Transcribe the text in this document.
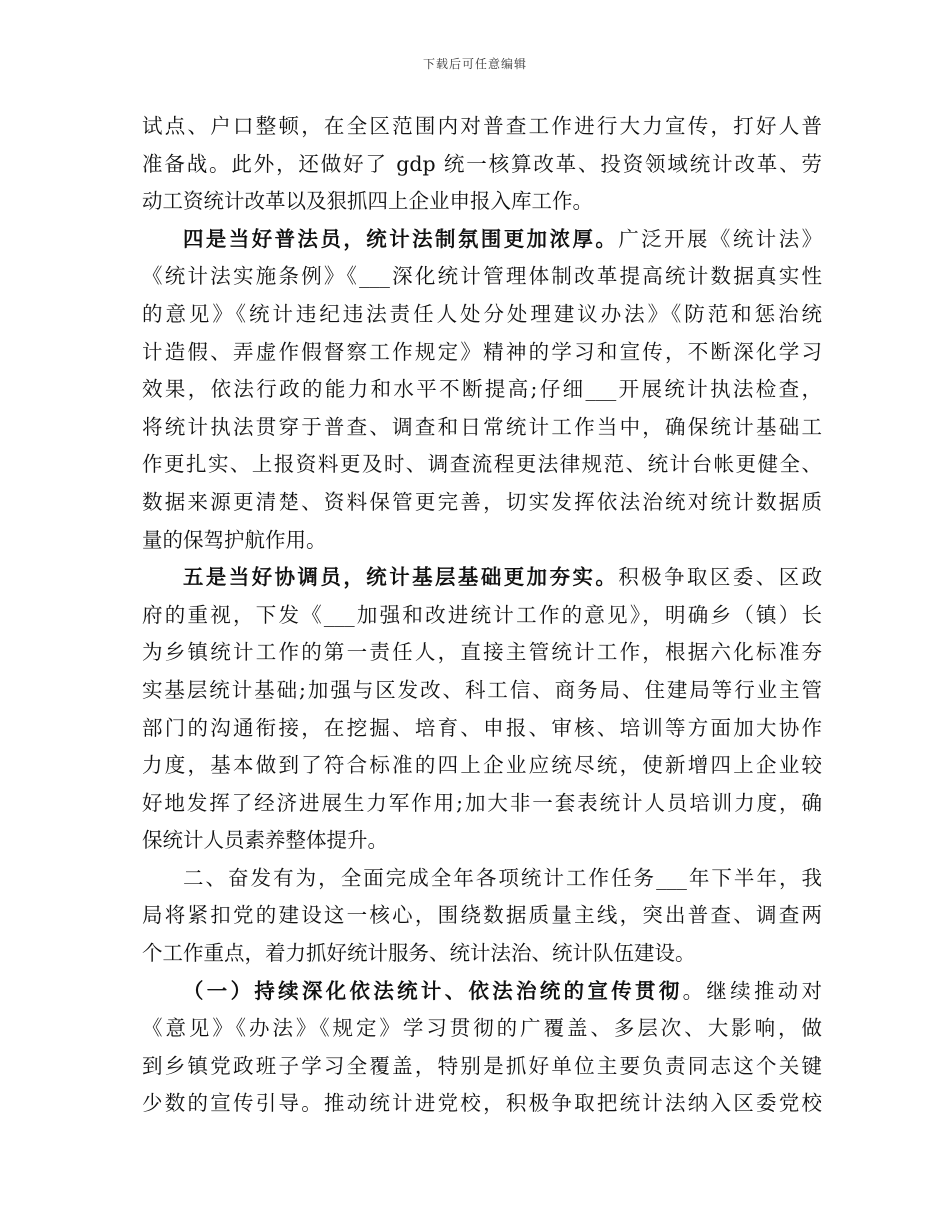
下载后可任意编辑
试点、户口整顿，在全区范围内对普查工作进行大力宣传，打好人普
准备战。此外，还做好了 gdp 统一核算改革、投资领域统计改革、劳
动工资统计改革以及狠抓四上企业申报入库工作。
四是当好普法员，统计法制氛围更加浓厚。广泛开展《统计法》
《统计法实施条例》《___深化统计管理体制改革提高统计数据真实性
的意见》《统计违纪违法责任人处分处理建议办法》《防范和惩治统
计造假、弄虚作假督察工作规定》精神的学习和宣传，不断深化学习
效果，依法行政的能力和水平不断提高;仔细___开展统计执法检查，
将统计执法贯穿于普查、调查和日常统计工作当中，确保统计基础工
作更扎实、上报资料更及时、调查流程更法律规范、统计台帐更健全、
数据来源更清楚、资料保管更完善，切实发挥依法治统对统计数据质
量的保驾护航作用。
五是当好协调员，统计基层基础更加夯实。积极争取区委、区政
府的重视，下发《___加强和改进统计工作的意见》，明确乡（镇）长
为乡镇统计工作的第一责任人，直接主管统计工作，根据六化标准夯
实基层统计基础;加强与区发改、科工信、商务局、住建局等行业主管
部门的沟通衔接，在挖掘、培育、申报、审核、培训等方面加大协作
力度，基本做到了符合标准的四上企业应统尽统，使新增四上企业较
好地发挥了经济进展生力军作用;加大非一套表统计人员培训力度，确
保统计人员素养整体提升。
二、奋发有为，全面完成全年各项统计工作任务___年下半年，我
局将紧扣党的建设这一核心，围绕数据质量主线，突出普查、调查两
个工作重点，着力抓好统计服务、统计法治、统计队伍建设。
（一）持续深化依法统计、依法治统的宣传贯彻。继续推动对
《意见》《办法》《规定》学习贯彻的广覆盖、多层次、大影响，做
到乡镇党政班子学习全覆盖，特别是抓好单位主要负责同志这个关键
少数的宣传引导。推动统计进党校，积极争取把统计法纳入区委党校
